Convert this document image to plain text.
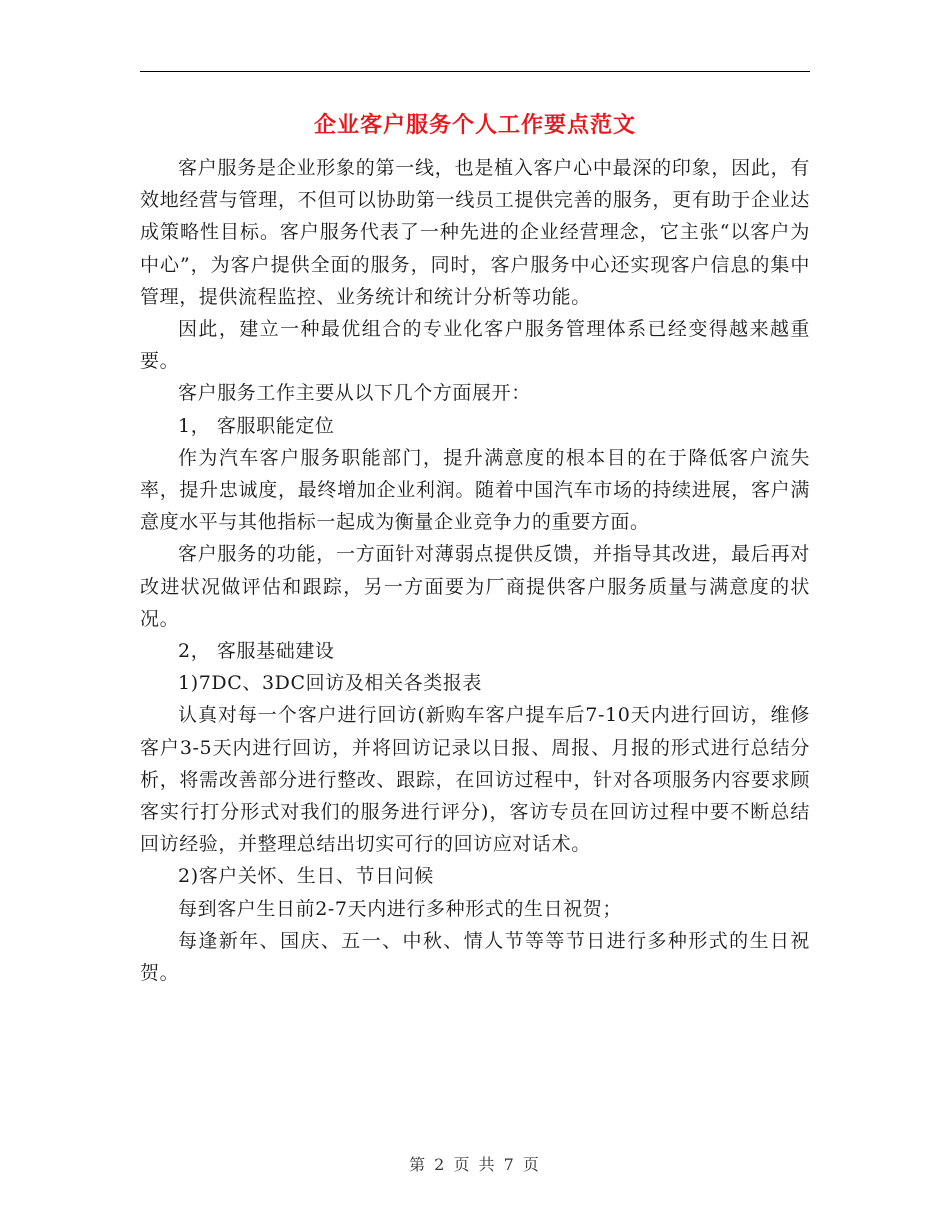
企业客户服务个人工作要点范文

客户服务是企业形象的第一线，也是植入客户心中最深的印象，因此，有效地经营与管理，不但可以协助第一线员工提供完善的服务，更有助于企业达成策略性目标。客户服务代表了一种先进的企业经营理念，它主张“以客户为中心”，为客户提供全面的服务，同时，客户服务中心还实现客户信息的集中管理，提供流程监控、业务统计和统计分析等功能。

因此，建立一种最优组合的专业化客户服务管理体系已经变得越来越重要。

客户服务工作主要从以下几个方面展开：

1， 客服职能定位

作为汽车客户服务职能部门，提升满意度的根本目的在于降低客户流失率，提升忠诚度，最终增加企业利润。随着中国汽车市场的持续进展，客户满意度水平与其他指标一起成为衡量企业竞争力的重要方面。

客户服务的功能，一方面针对薄弱点提供反馈，并指导其改进，最后再对改进状况做评估和跟踪，另一方面要为厂商提供客户服务质量与满意度的状况。

2， 客服基础建设

1)7DC、3DC回访及相关各类报表

认真对每一个客户进行回访(新购车客户提车后7-10天内进行回访，维修客户3-5天内进行回访，并将回访记录以日报、周报、月报的形式进行总结分析，将需改善部分进行整改、跟踪，在回访过程中，针对各项服务内容要求顾客实行打分形式对我们的服务进行评分)，客访专员在回访过程中要不断总结回访经验，并整理总结出切实可行的回访应对话术。

2)客户关怀、生日、节日问候

每到客户生日前2-7天内进行多种形式的生日祝贺；

每逢新年、国庆、五一、中秋、情人节等等节日进行多种形式的生日祝贺。

第 2 页 共 7 页
